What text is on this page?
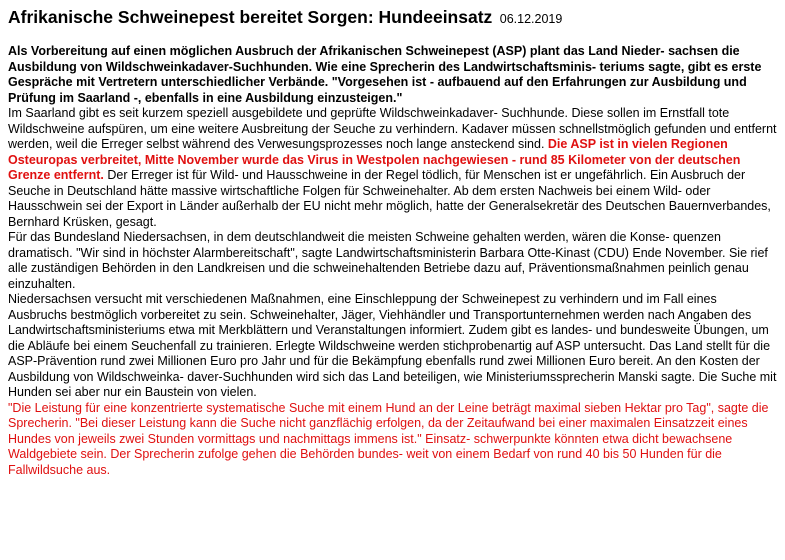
Afrikanische Schweinepest bereitet Sorgen: Hundeeinsatz 06.12.2019

Als Vorbereitung auf einen möglichen Ausbruch der Afrikanischen Schweinepest (ASP) plant das Land Nieder- sachsen die Ausbildung von Wildschweinkadaver-Suchhunden. Wie eine Sprecherin des Landwirtschaftsminis- teriums sagte, gibt es erste Gespräche mit Vertretern unterschiedlicher Verbände. "Vorgesehen ist - aufbauend auf den Erfahrungen zur Ausbildung und Prüfung im Saarland -, ebenfalls in eine Ausbildung einzusteigen."

Im Saarland gibt es seit kurzem speziell ausgebildete und geprüfte Wildschweinkadaver- Suchhunde. Diese sollen im Ernstfall tote Wildschweine aufspüren, um eine weitere Ausbreitung der Seuche zu verhindern. Kadaver müssen schnellstmöglich gefunden und entfernt werden, weil die Erreger selbst während des Verwesungsprozesses noch lange ansteckend sind. Die ASP ist in vielen Regionen Osteuropas verbreitet, Mitte November wurde das Virus in Westpolen nachgewiesen - rund 85 Kilometer von der deutschen Grenze entfernt. Der Erreger ist für Wild- und Hausschweine in der Regel tödlich, für Menschen ist er ungefährlich. Ein Ausbruch der Seuche in Deutschland hätte massive wirtschaftliche Folgen für Schweinehalter. Ab dem ersten Nachweis bei einem Wild- oder Hausschwein sei der Export in Länder außerhalb der EU nicht mehr möglich, hatte der Generalsekretär des Deutschen Bauernverbandes, Bernhard Krüsken, gesagt.

Für das Bundesland Niedersachsen, in dem deutschlandweit die meisten Schweine gehalten werden, wären die Konse- quenzen dramatisch. "Wir sind in höchster Alarmbereitschaft", sagte Landwirtschaftsministerin Barbara Otte-Kinast (CDU) Ende November. Sie rief alle zuständigen Behörden in den Landkreisen und die schweinehaltenden Betriebe dazu auf, Präventionsmaßnahmen peinlich genau einzuhalten.

Niedersachsen versucht mit verschiedenen Maßnahmen, eine Einschleppung der Schweinepest zu verhindern und im Fall eines Ausbruchs bestmöglich vorbereitet zu sein. Schweinehalter, Jäger, Viehhändler und Transportunternehmen werden nach Angaben des Landwirtschaftsministeriums etwa mit Merkblättern und Veranstaltungen informiert. Zudem gibt es landes- und bundesweite Übungen, um die Abläufe bei einem Seuchenfall zu trainieren. Erlegte Wildschweine werden stichprobenartig auf ASP untersucht. Das Land stellt für die ASP-Prävention rund zwei Millionen Euro pro Jahr und für die Bekämpfung ebenfalls rund zwei Millionen Euro bereit. An den Kosten der Ausbildung von Wildschweinka- daver-Suchhunden wird sich das Land beteiligen, wie Ministeriumssprecherin Manski sagte. Die Suche mit Hunden sei aber nur ein Baustein von vielen.

"Die Leistung für eine konzentrierte systematische Suche mit einem Hund an der Leine beträgt maximal sieben Hektar pro Tag", sagte die Sprecherin. "Bei dieser Leistung kann die Suche nicht ganzflächig erfolgen, da der Zeitaufwand bei einer maximalen Einsatzzeit eines Hundes von jeweils zwei Stunden vormittags und nachmittags immens ist." Einsatz- schwerpunkte könnten etwa dicht bewachsene Waldgebiete sein. Der Sprecherin zufolge gehen die Behörden bundes- weit von einem Bedarf von rund 40 bis 50 Hunden für die Fallwildsuche aus.
